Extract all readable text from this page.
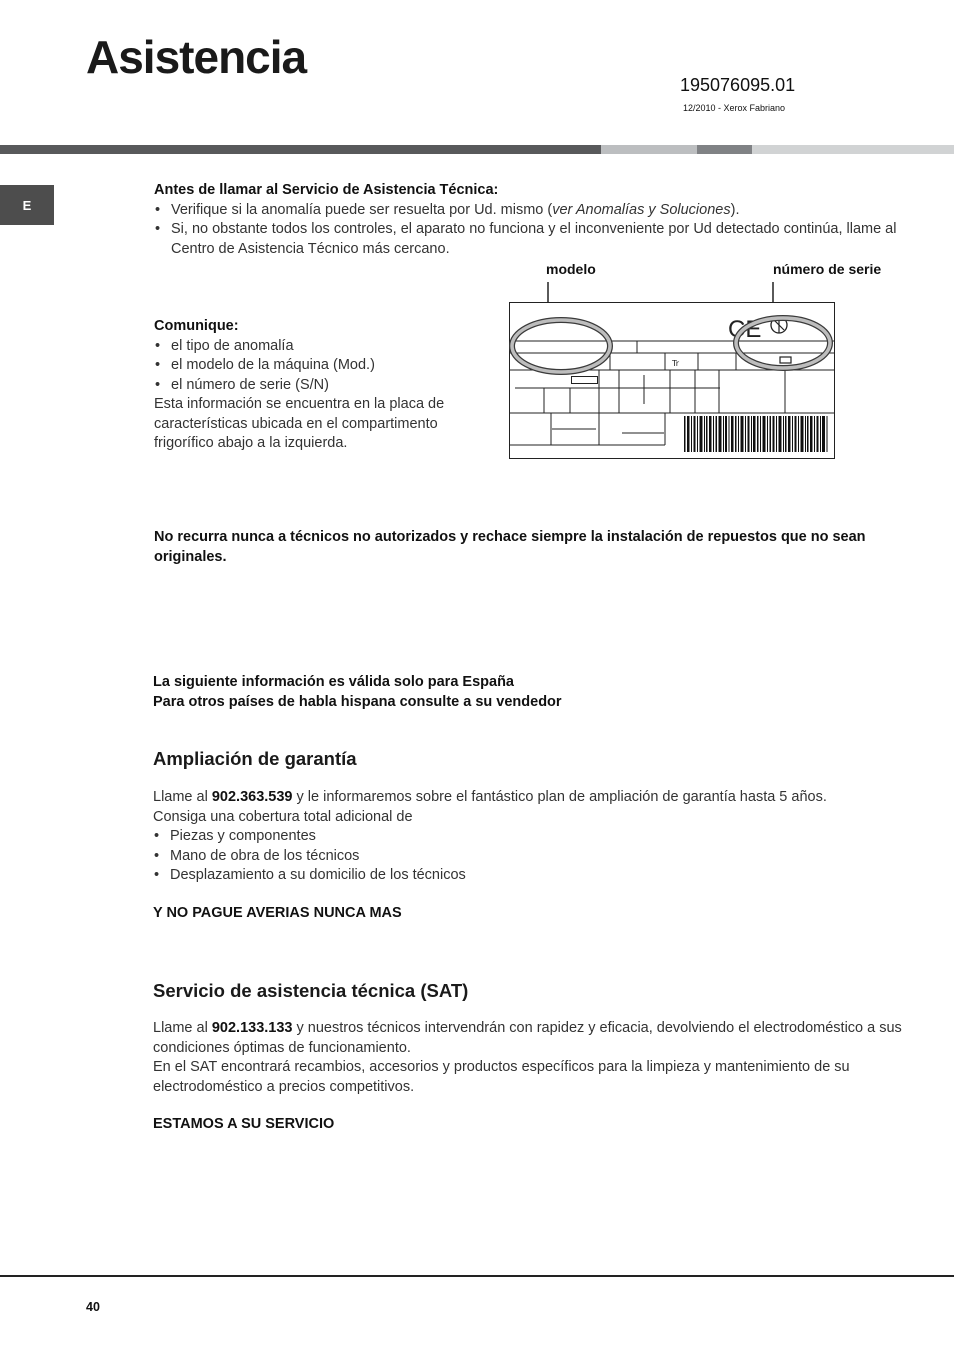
Asistencia
195076095.01
12/2010 - Xerox Fabriano
E
Antes de llamar al Servicio de Asistencia Técnica:
• Verifique si la anomalía puede ser resuelta por Ud. mismo (ver Anomalías y Soluciones).
• Si, no obstante todos los controles, el aparato no funciona y el inconveniente por Ud detectado continúa, llame al Centro de Asistencia Técnico más cercano.
Comunique:
• el tipo de anomalía
• el modelo de la máquina (Mod.)
• el número de serie (S/N)
Esta información se encuentra en la placa de características ubicada en el compartimento frigorífico abajo a la izquierda.
modelo	número de serie
Tr
CE
No recurra nunca a técnicos no autorizados y rechace siempre la instalación de repuestos que no sean originales.
La siguiente información es válida solo para España
Para otros países de habla hispana consulte a su vendedor
Ampliación de garantía
Llame al 902.363.539 y le informaremos sobre el fantástico plan de ampliación de garantía hasta 5 años.
Consiga una cobertura total adicional de
• Piezas y componentes
• Mano de obra de los técnicos
• Desplazamiento a su domicilio de los técnicos
Y NO PAGUE AVERIAS NUNCA MAS
Servicio de asistencia técnica (SAT)
Llame al 902.133.133 y nuestros técnicos intervendrán con rapidez y eficacia, devolviendo el electrodoméstico a sus condiciones óptimas de funcionamiento.
En el SAT encontrará recambios, accesorios y productos específicos para la limpieza y mantenimiento de su electrodoméstico a precios competitivos.
ESTAMOS A SU SERVICIO
40
